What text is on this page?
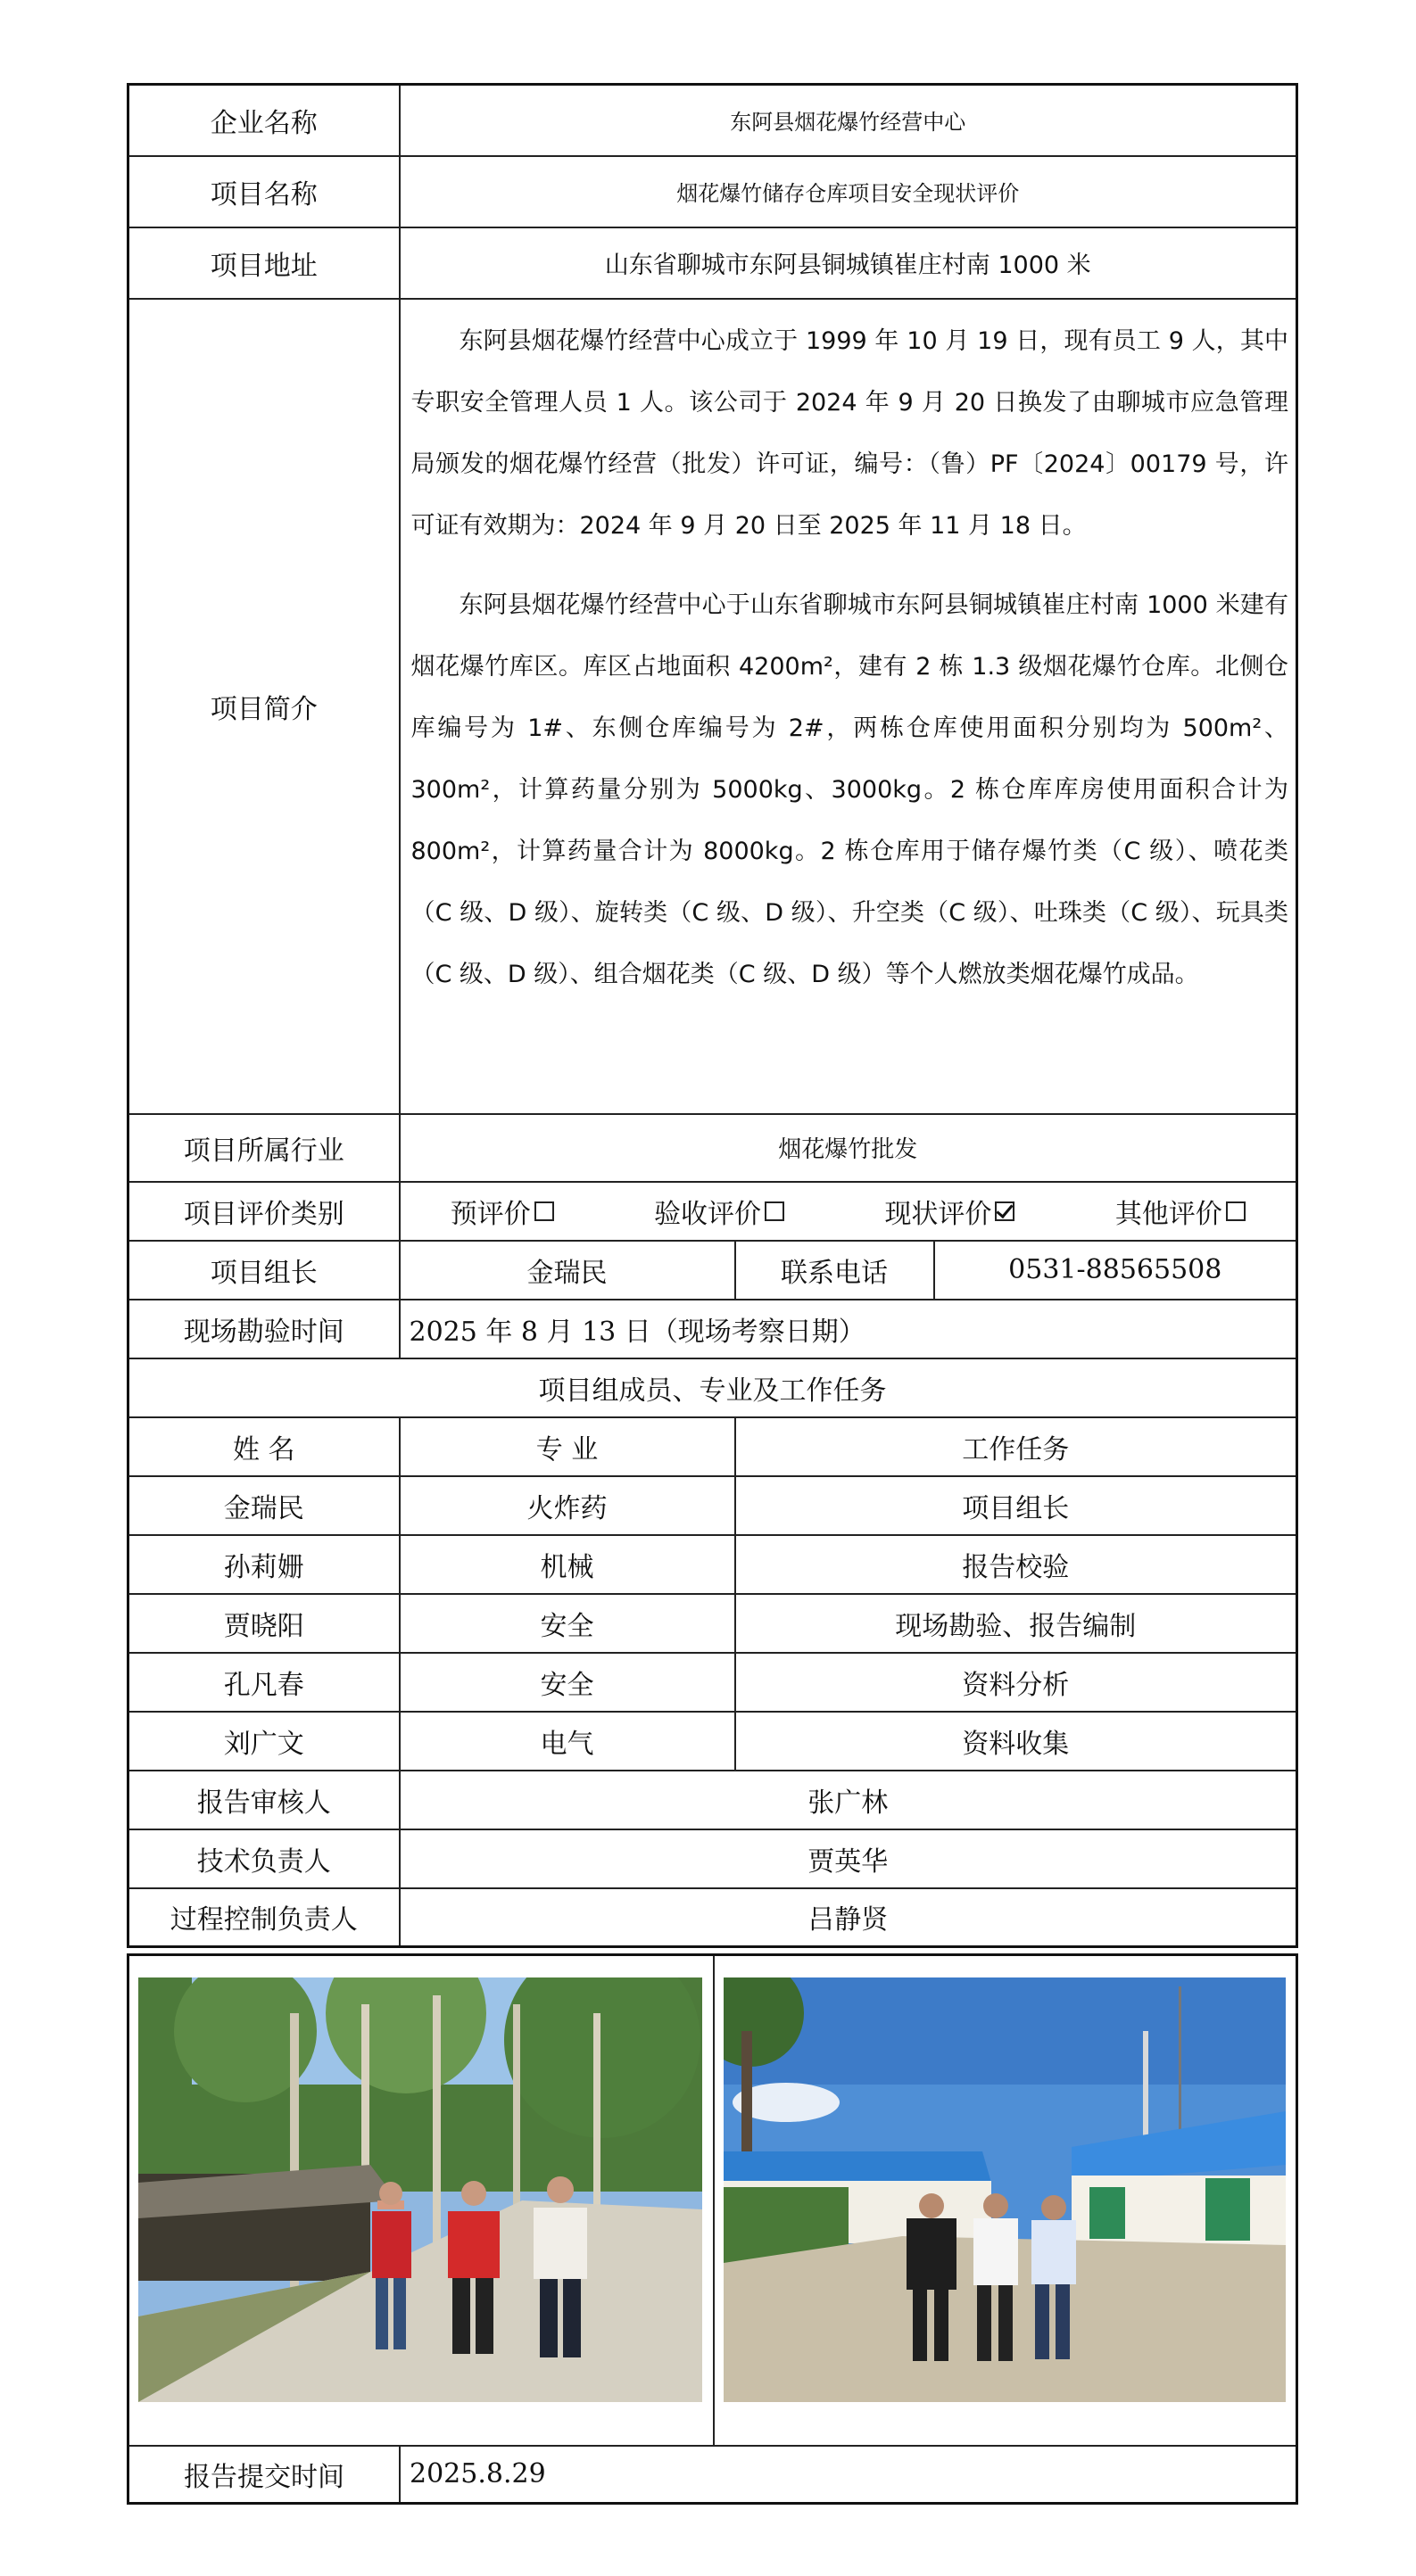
企业名称	东阿县烟花爆竹经营中心		
项目名称	烟花爆竹储存仓库项目安全现状评价		
项目地址	山东省聊城市东阿县铜城镇崔庄村南 1000 米		
项目简介	东阿县烟花爆竹经营中心成立于 1999 年 10 月 19 日，现有员工 9 人，其中专职安全管理人员 1 人。该公司于 2024 年 9 月 20 日换发了由聊城市应急管理局颁发的烟花爆竹经营（批发）许可证，编号：（鲁）PF〔2024〕00179 号，许可证有效期为：2024 年 9 月 20 日至 2025 年 11 月 18 日。

东阿县烟花爆竹经营中心于山东省聊城市东阿县铜城镇崔庄村南 1000 米建有烟花爆竹库区。库区占地面积 4200m²，建有 2 栋 1.3 级烟花爆竹仓库。北侧仓库编号为 1#、东侧仓库编号为 2#，两栋仓库使用面积分别均为 500m²、300m²，计算药量分别为 5000kg、3000kg。2 栋仓库库房使用面积合计为 800m²，计算药量合计为 8000kg。2 栋仓库用于储存爆竹类（C 级）、喷花类（C 级、D 级）、旋转类（C 级、D 级）、升空类（C 级）、吐珠类（C 级）、玩具类（C 级、D 级）、组合烟花类（C 级、D 级）等个人燃放类烟花爆竹成品。		

项目所属行业	烟花爆竹批发		
项目评价类别	预评价 验收评价 现状评价 其他评价		

项目组长	金瑞民	联系电话	0531-88565508
现场勘验时间	2025 年 8 月 13 日（现场考察日期）		
项目组成员、专业及工作任务			
姓 名	专 业	工作任务	
金瑞民	火炸药	项目组长	
孙莉姗	机械	报告校验	
贾晓阳	安全	现场勘验、报告编制	
孔凡春	安全	资料分析	
刘广文	电气	资料收集	
报告审核人	张广林		
技术负责人	贾英华		
过程控制负责人	吕静贤		

报告提交时间	2025.8.29
